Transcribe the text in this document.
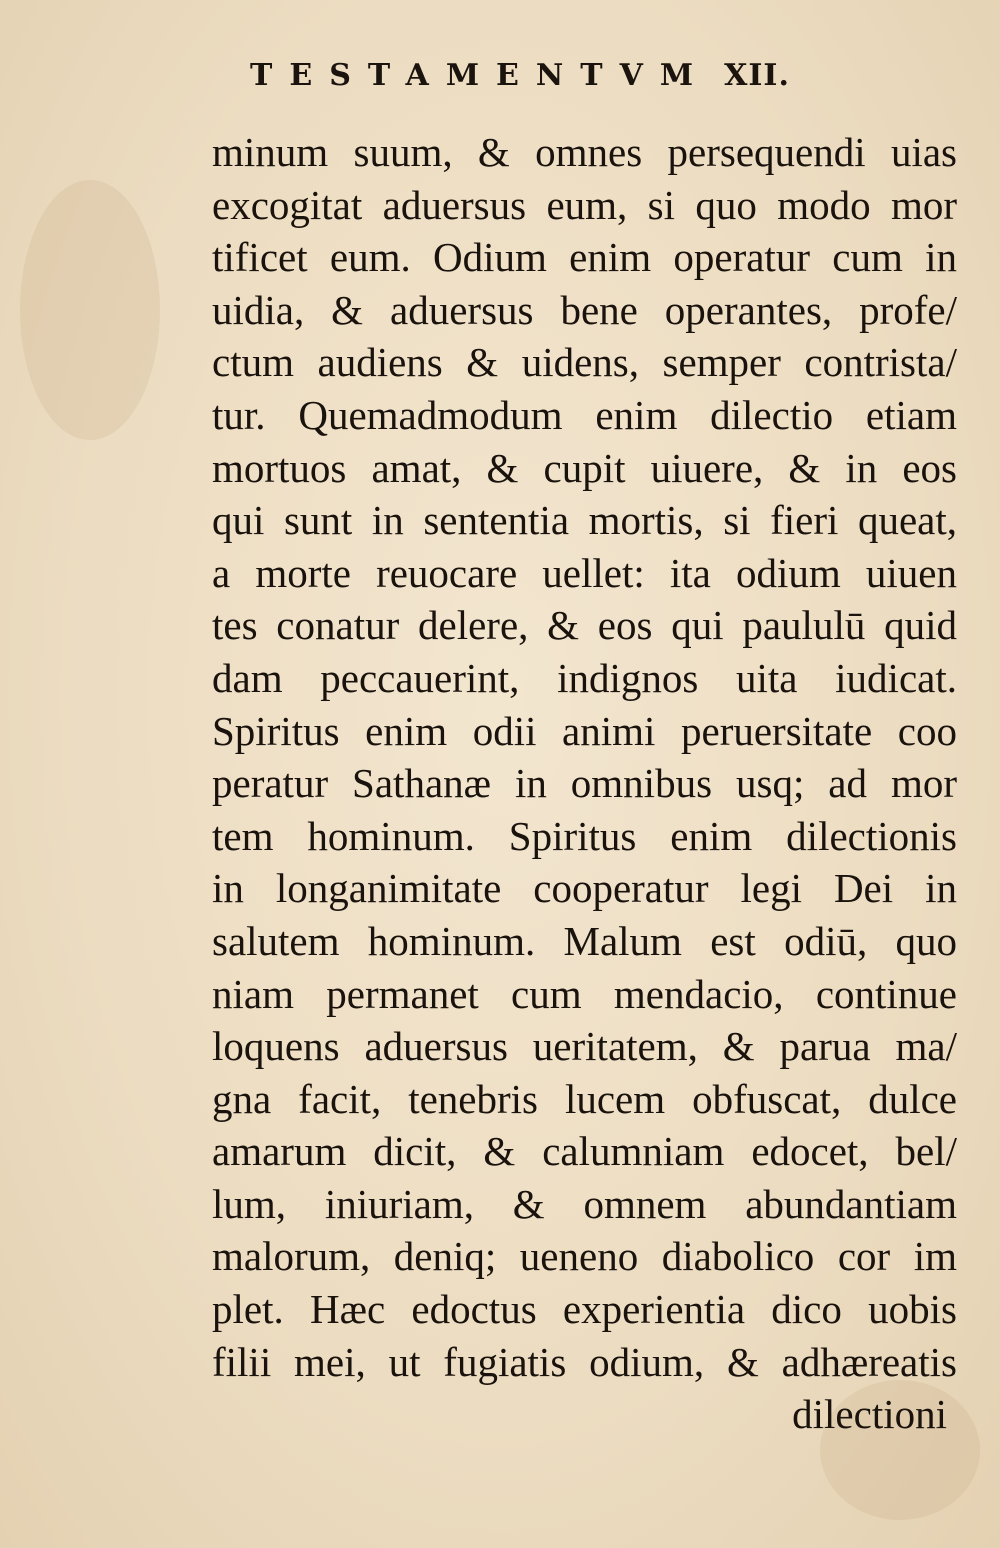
TESTAMENTVM XII.
minum suum, & omnes persequendi uias
excogitat aduersus eum, si quo modo mor
tificet eum. Odium enim operatur cum in
uidia, & aduersus bene operantes, profe/
ctum audiens & uidens, semper contrista/
tur. Quemadmodum enim dilectio etiam
mortuos amat, & cupit uiuere, & in eos
qui sunt in sententia mortis, si fieri queat,
a morte reuocare uellet: ita odium uiuen
tes conatur delere, & eos qui paululū quid
dam peccauerint, indignos uita iudicat.
Spiritus enim odii animi peruersitate coo
peratur Sathanæ in omnibus usq; ad mor
tem hominum. Spiritus enim dilectionis
in longanimitate cooperatur legi Dei in
salutem hominum. Malum est odiū, quo
niam permanet cum mendacio, continue
loquens aduersus ueritatem, & parua ma/
gna facit, tenebris lucem obfuscat, dulce
amarum dicit, & calumniam edocet, bel/
lum, iniuriam, & omnem abundantiam
malorum, deniq; ueneno diabolico cor im
plet. Hæc edoctus experientia dico uobis
filii mei, ut fugiatis odium, & adhæreatis
dilectioni
